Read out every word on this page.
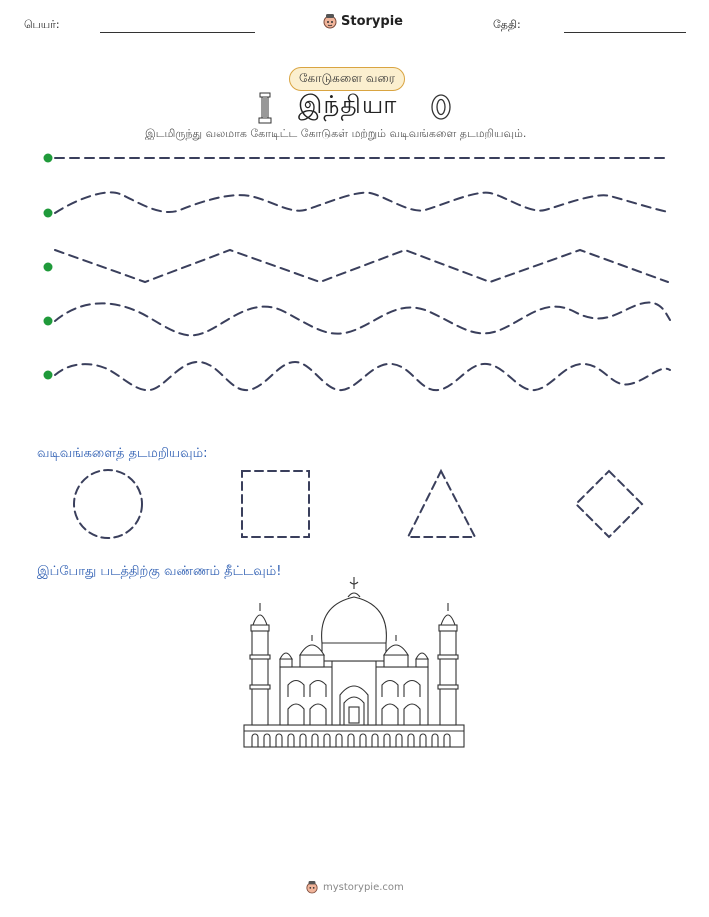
பெயர்:	Storypie	தேதி:
கோடுகளை வரை
இந்தியா
இடமிருந்து வலமாக கோடிட்ட கோடுகள் மற்றும் வடிவங்களை தடமறியவும்.
வடிவங்களைத் தடமறியவும்:
இப்போது படத்திற்கு வண்ணம் தீட்டவும்!
mystorypie.com
